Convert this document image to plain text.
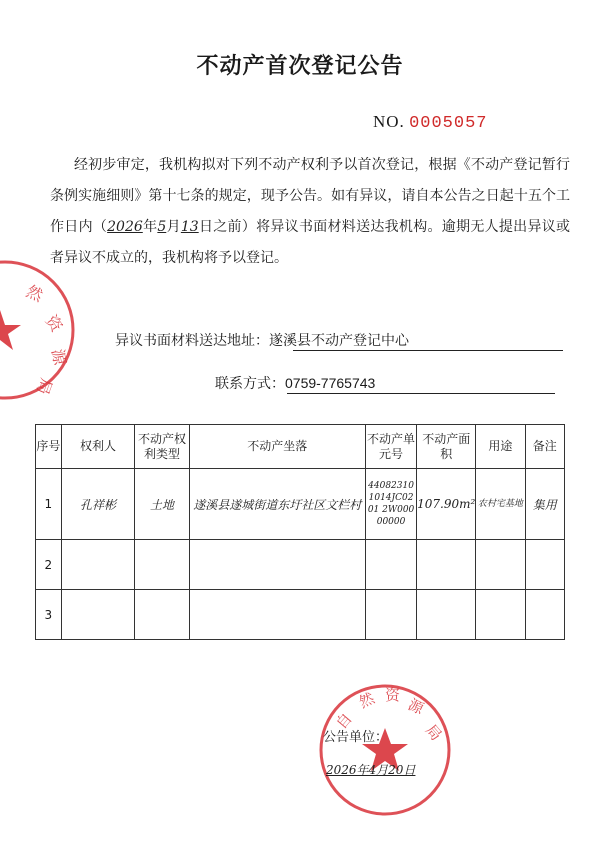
不动产首次登记公告
NO. 0005057
经初步审定，我机构拟对下列不动产权利予以首次登记，根据《不动产登记暂行条例实施细则》第十七条的规定，现予公告。如有异议，请自本公告之日起十五个工作日内（2026年5月13日之前）将异议书面材料送达我机构。逾期无人提出异议或者异议不成立的，我机构将予以登记。
异议书面材料送达地址：遂溪县不动产登记中心
联系方式：0759-7765743
序号	权利人	不动产权利类型	不动产坐落	不动产单元号	不动产面 积	用途	备注
1	孔祥彬	土地	遂溪县遂城街道东圩社区文栏村	440823101014JC0201 2W00000000	107.90m²	农村宅基地	集用
2							
3							
然
资
源
局
自
然 资
源
局
公告单位：
2026年4月20日
